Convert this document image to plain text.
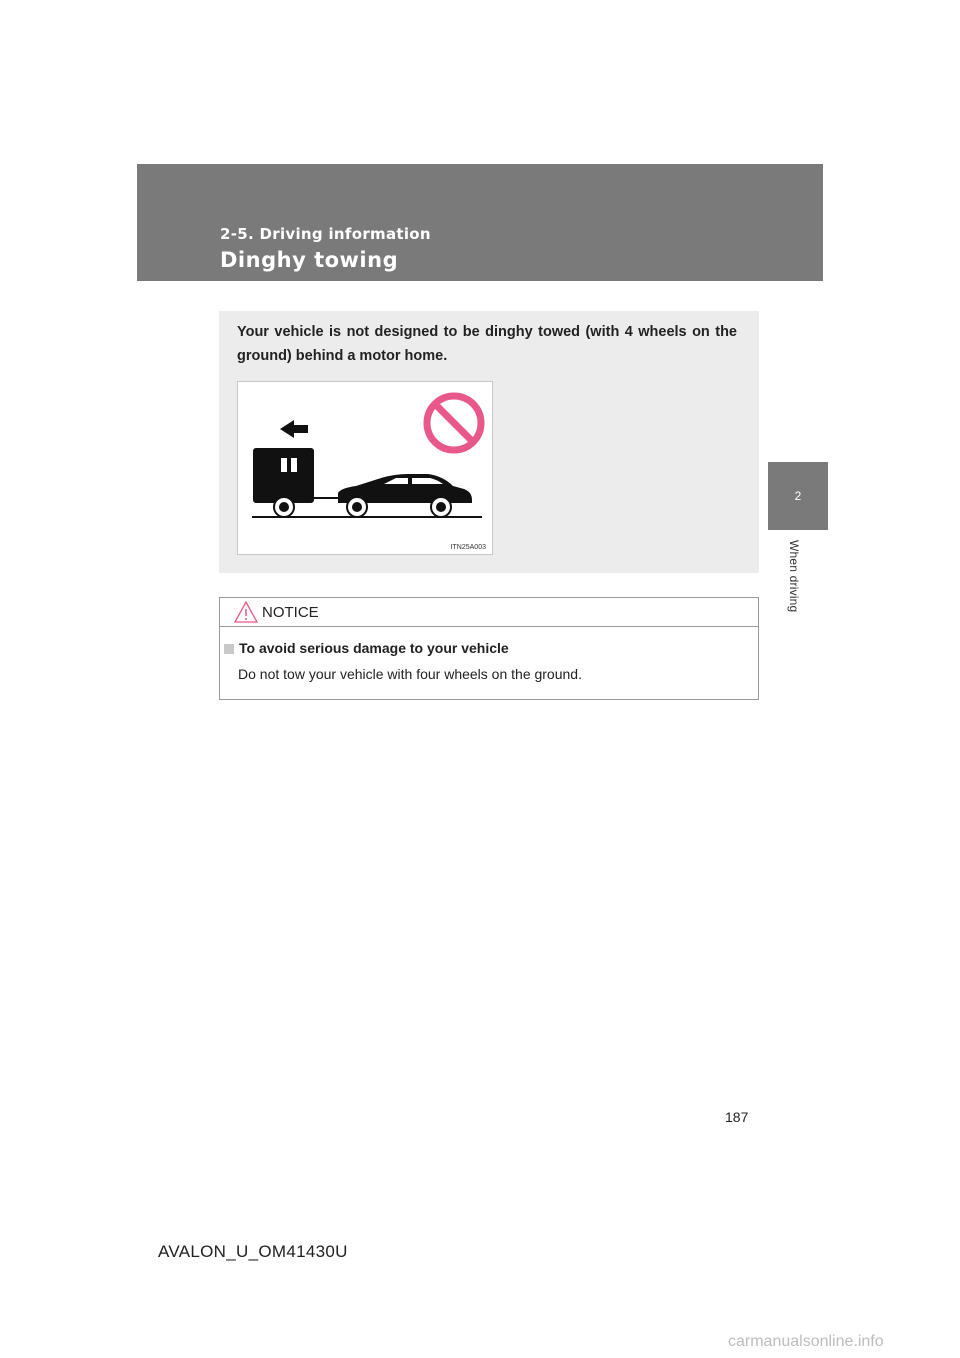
2-5. Driving information
Dinghy towing
2
When driving
Your vehicle is not designed to be dinghy towed (with 4 wheels on the ground) behind a motor home.
ITN25A003
NOTICE
To avoid serious damage to your vehicle
Do not tow your vehicle with four wheels on the ground.
187
AVALON_U_OM41430U
carmanualsonline.info
